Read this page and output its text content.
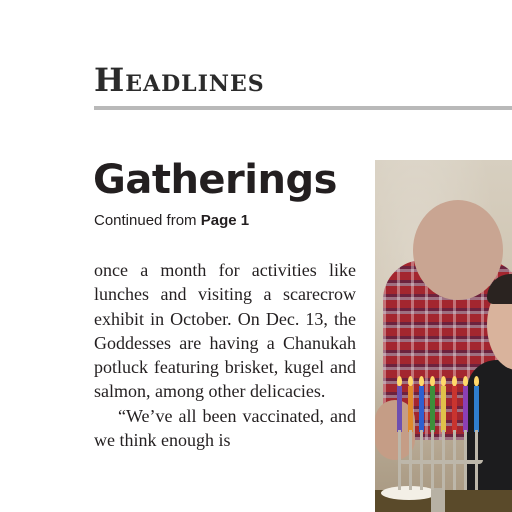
Headlines
Gatherings
Continued from Page 1

once a month for activities like lunches and visiting a scarecrow exhibit in October. On Dec. 13, the Goddesses are having a Chanukah potluck featuring brisket, kugel and salmon, among other delicacies.

“We’ve all been vaccinated, and we think enough is
